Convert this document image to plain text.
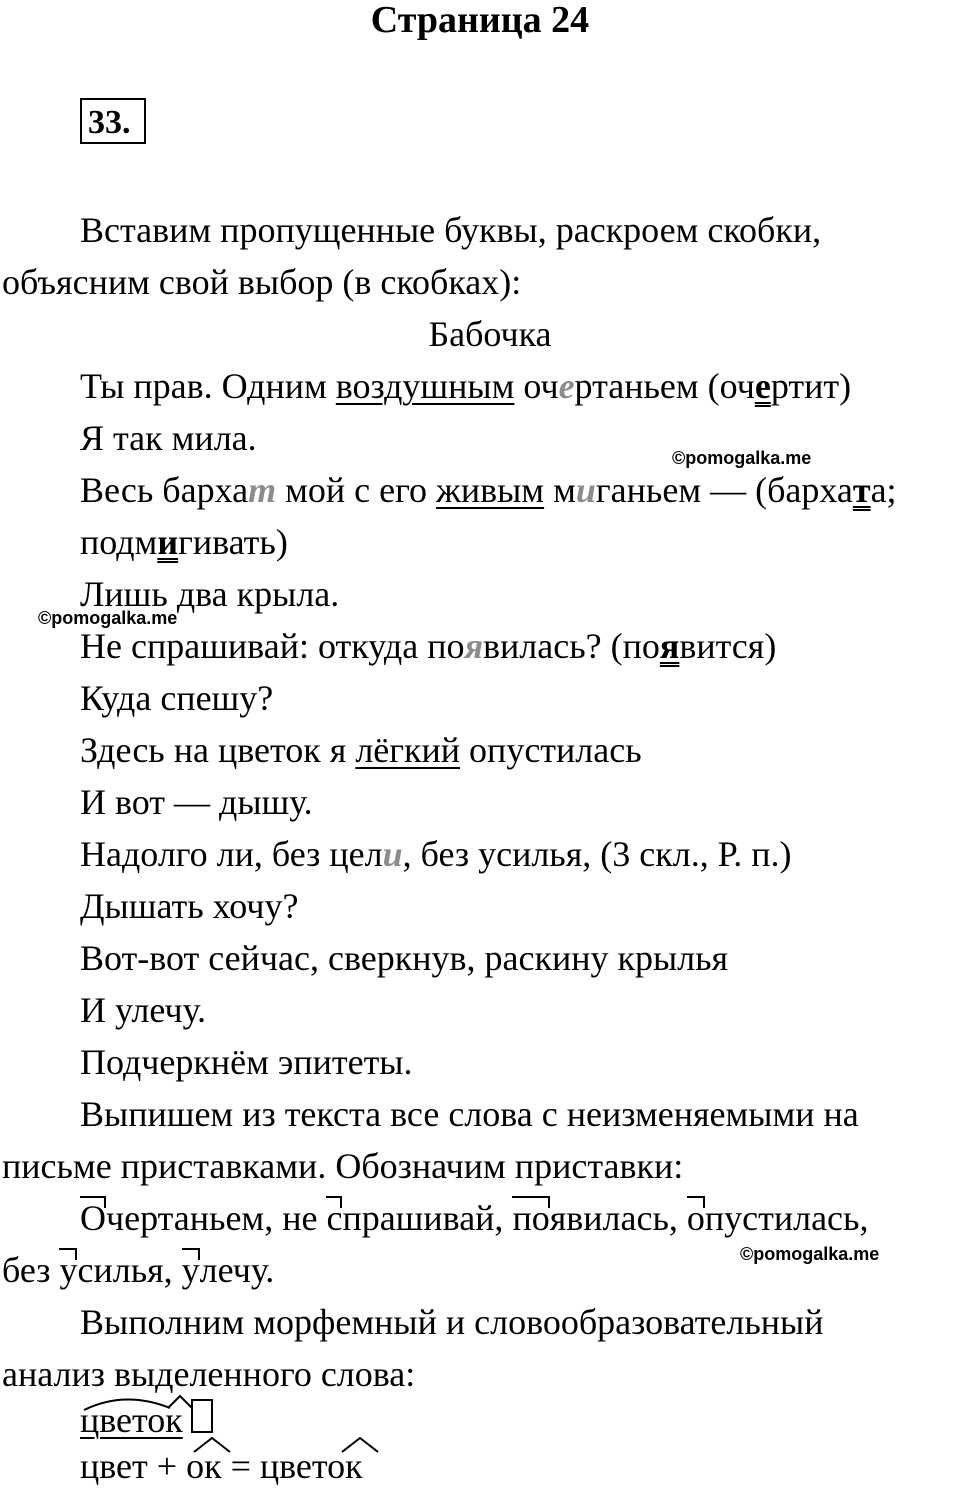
Страница 24
33.
Вставим пропущенные буквы, раскроем скобки,
объясним свой выбор (в скобках):
Бабочка
Ты прав. Одним воздушным очертаньем (очертит)
Я так мила.
Весь бархат мой с его живым миганьем — (бархата;
подмигивать)
Лишь два крыла.
Не спрашивай: откуда появилась? (появится)
Куда спешу?
Здесь на цветок я лёгкий опустилась
И вот — дышу.
Надолго ли, без цели, без усилья, (3 скл., Р. п.)
Дышать хочу?
Вот-вот сейчас, сверкнув, раскину крылья
И улечу.
Подчеркнём эпитеты.
Выпишем из текста все слова с неизменяемыми на
письме приставками. Обозначим приставки:
Очертаньем, не спрашивай, появилась, опустилась,
без усилья, улечу.
Выполним морфемный и словообразовательный
анализ выделенного слова:
цветок
цвет + ок = цветок
©pomogalka.me
©pomogalka.me
©pomogalka.me
